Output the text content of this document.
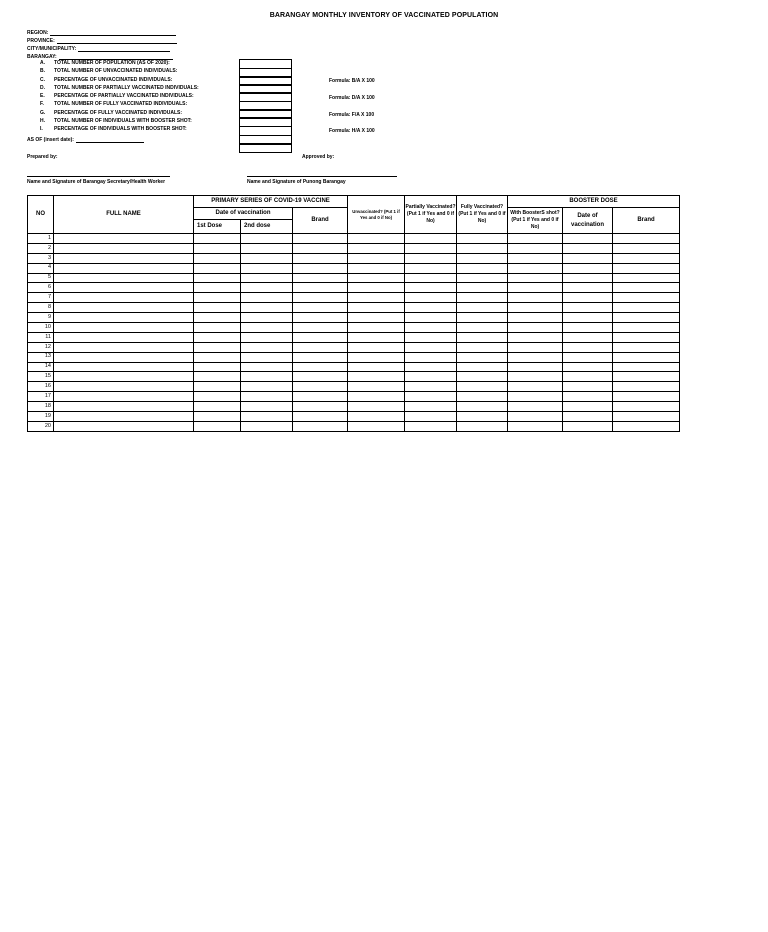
BARANGAY MONTHLY INVENTORY OF VACCINATED POPULATION
REGION:
PROVINCE:
CITY/MUNICIPALITY:
BARANGAY:
A.	TOTAL NUMBER OF POPULATION (AS OF 2020):
B.	TOTAL NUMBER OF UNVACCINATED INDIVIDUALS:
C.	PERCENTAGE OF UNVACCINATED INDIVIDUALS:
D.	TOTAL NUMBER OF PARTIALLY VACCINATED INDIVIDUALS:
E.	PERCENTAGE OF PARTIALLY VACCINATED INDIVIDUALS:
F.	TOTAL NUMBER OF FULLY VACCINATED INDIVIDUALS:
G.	PERCENTAGE OF FULLY VACCINATED INDIVIDUALS:
H.	TOTAL NUMBER OF INDIVIDUALS WITH BOOSTER SHOT:
I.	PERCENTAGE OF INDIVIDUALS WITH BOOSTER SHOT:
Formula: B/A X 100
Formula: D/A X 100
Formula: F/A X 100
Formula: H/A X 100
AS OF (insert date):
Prepared by:	Approved by:
Name and Signature of Barangay Secretary/Health Worker	Name and Signature of Punong Barangay
NO	FULL NAME	PRIMARY SERIES OF COVID-19 VACCINE			Unvaccinated? (Put 1 if Yes and 0 if No)	Partially Vaccinated? (Put 1 if Yes and 0 if No)	Fully Vaccinated? (Put 1 if Yes and 0 if No)	BOOSTER DOSE		
		Date of vaccination		Brand				With BoosterS shot? (Put 1 if Yes and 0 if No)	Date of vaccination	Brand
		1st Dose	2nd dose							
1										
2										
3										
4										
5										
6										
7										
8										
9										
10										
11										
12										
13										
14										
15										
16										
17										
18										
19										
20										
